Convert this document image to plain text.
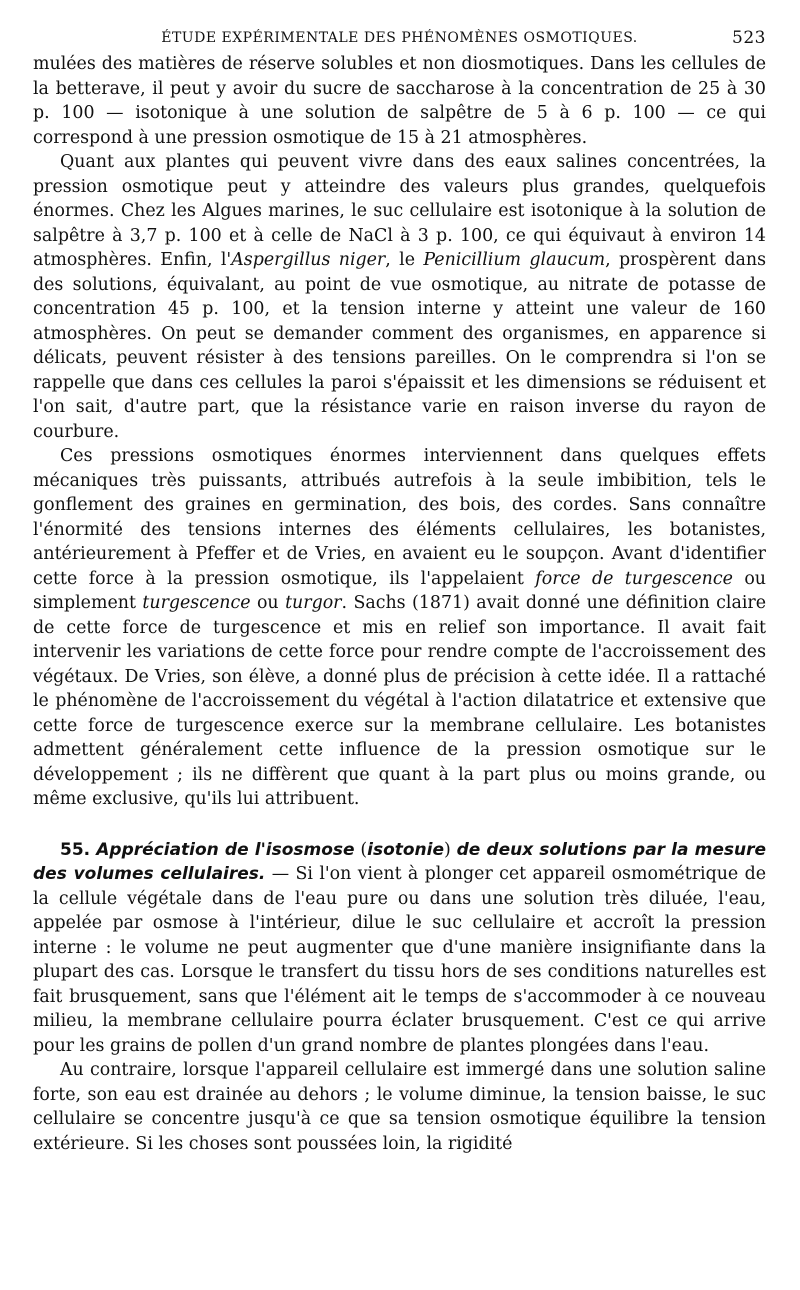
ÉTUDE EXPÉRIMENTALE DES PHÉNOMÈNES OSMOTIQUES.	523

mulées des matières de réserve solubles et non diosmotiques. Dans les cellules de la betterave, il peut y avoir du sucre de saccharose à la concentration de 25 à 30 p. 100 — isotonique à une solution de salpêtre de 5 à 6 p. 100 — ce qui correspond à une pression osmotique de 15 à 21 atmosphères.

Quant aux plantes qui peuvent vivre dans des eaux salines concentrées, la pression osmotique peut y atteindre des valeurs plus grandes, quelquefois énormes. Chez les Algues marines, le suc cellulaire est isotonique à la solution de salpêtre à 3,7 p. 100 et à celle de NaCl à 3 p. 100, ce qui équivaut à environ 14 atmosphères. Enfin, l'Aspergillus niger, le Penicillium glaucum, prospèrent dans des solutions, équivalant, au point de vue osmotique, au nitrate de potasse de concentration 45 p. 100, et la tension interne y atteint une valeur de 160 atmosphères. On peut se demander comment des organismes, en apparence si délicats, peuvent résister à des tensions pareilles. On le comprendra si l'on se rappelle que dans ces cellules la paroi s'épaissit et les dimensions se réduisent et l'on sait, d'autre part, que la résistance varie en raison inverse du rayon de courbure.

Ces pressions osmotiques énormes interviennent dans quelques effets mécaniques très puissants, attribués autrefois à la seule imbibition, tels le gonflement des graines en germination, des bois, des cordes. Sans connaître l'énormité des tensions internes des éléments cellulaires, les botanistes, antérieurement à Pfeffer et de Vries, en avaient eu le soupçon. Avant d'identifier cette force à la pression osmotique, ils l'appelaient force de turgescence ou simplement turgescence ou turgor. Sachs (1871) avait donné une définition claire de cette force de turgescence et mis en relief son importance. Il avait fait intervenir les variations de cette force pour rendre compte de l'accroissement des végétaux. De Vries, son élève, a donné plus de précision à cette idée. Il a rattaché le phénomène de l'accroissement du végétal à l'action dilatatrice et extensive que cette force de turgescence exerce sur la membrane cellulaire. Les botanistes admettent généralement cette influence de la pression osmotique sur le développement ; ils ne diffèrent que quant à la part plus ou moins grande, ou même exclusive, qu'ils lui attribuent.

55. Appréciation de l'isosmose (isotonie) de deux solutions par la mesure des volumes cellulaires. — Si l'on vient à plonger cet appareil osmométrique de la cellule végétale dans de l'eau pure ou dans une solution très diluée, l'eau, appelée par osmose à l'intérieur, dilue le suc cellulaire et accroît la pression interne : le volume ne peut augmenter que d'une manière insignifiante dans la plupart des cas. Lorsque le transfert du tissu hors de ses conditions naturelles est fait brusquement, sans que l'élément ait le temps de s'accommoder à ce nouveau milieu, la membrane cellulaire pourra éclater brusquement. C'est ce qui arrive pour les grains de pollen d'un grand nombre de plantes plongées dans l'eau.

Au contraire, lorsque l'appareil cellulaire est immergé dans une solution saline forte, son eau est drainée au dehors ; le volume diminue, la tension baisse, le suc cellulaire se concentre jusqu'à ce que sa tension osmotique équilibre la tension extérieure. Si les choses sont poussées loin, la rigidité
